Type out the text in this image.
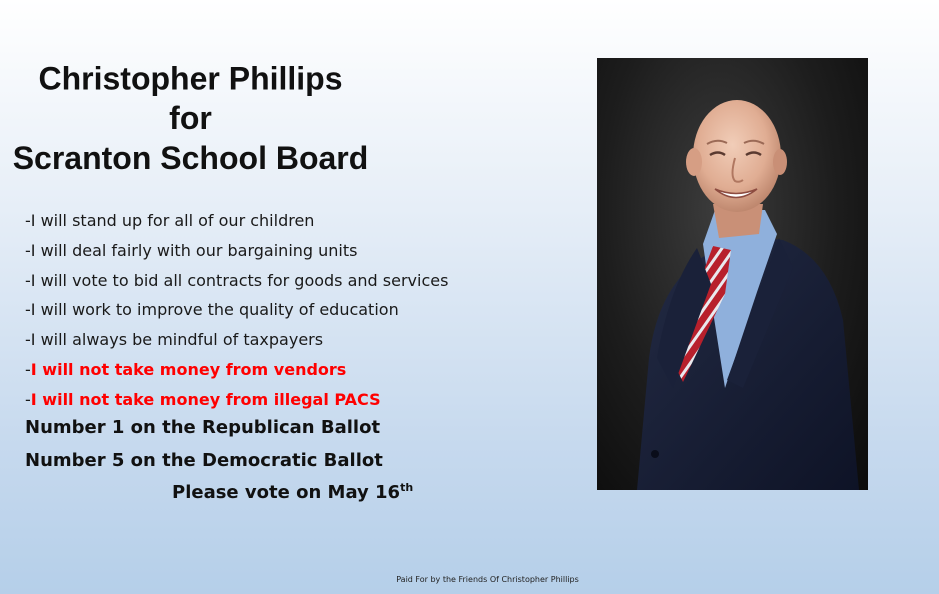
Christopher Phillips
for
Scranton School Board
-I will stand up for all of our children
-I will deal fairly with our bargaining units
-I will vote to bid all contracts for goods and services
-I will work to improve the quality of education
-I will always be mindful of taxpayers
-I will not take money from vendors
-I will not take money from illegal PACS
Number 1 on the Republican Ballot
Number 5 on the Democratic Ballot
Please vote on May 16th
Paid For by the Friends Of Christopher Phillips
